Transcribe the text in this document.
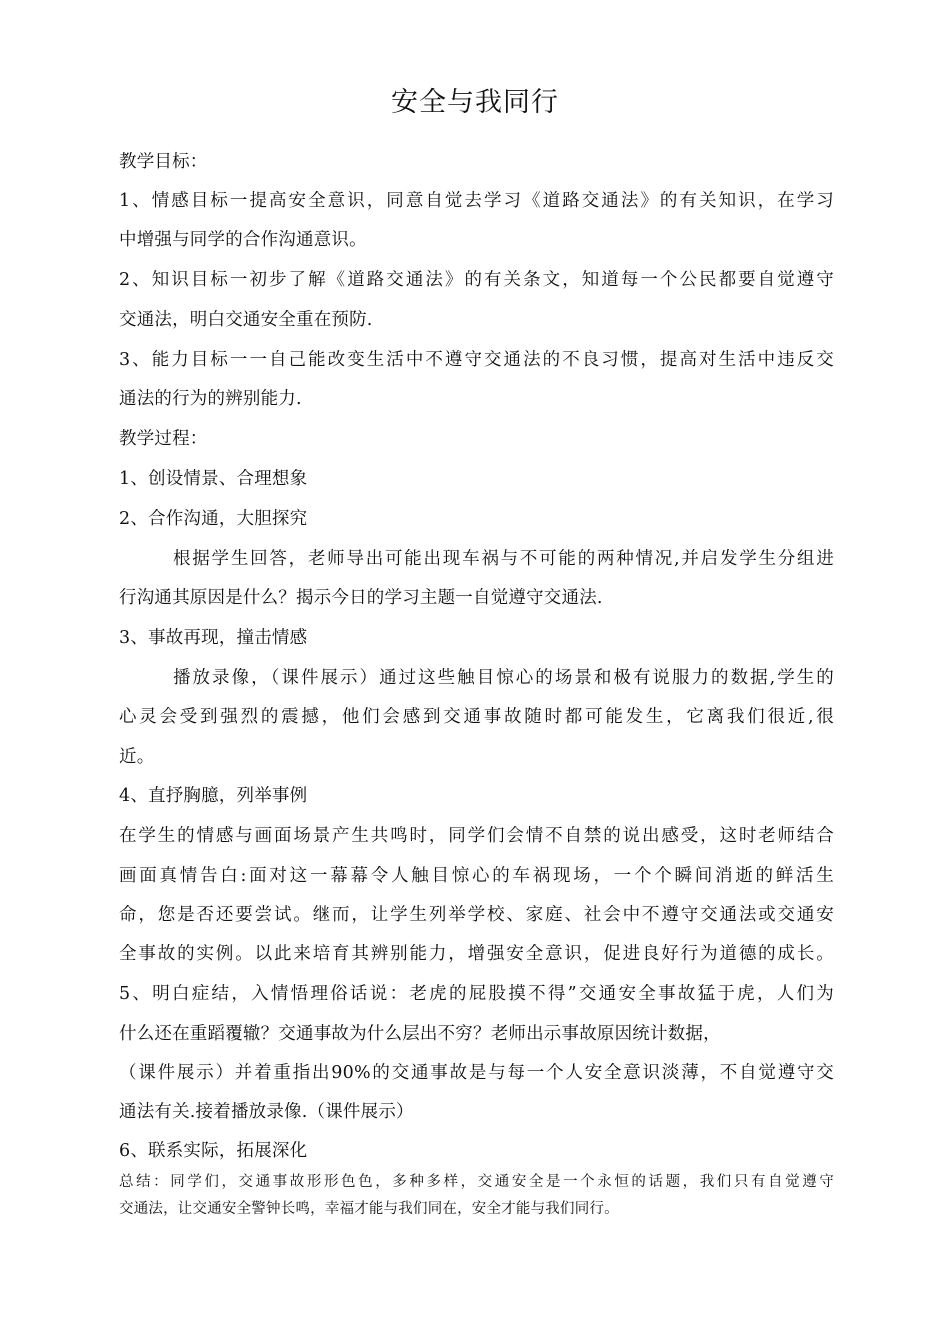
安全与我同行
教学目标：
1、情感目标一提高安全意识，同意自觉去学习《道路交通法》的有关知识，在学习
中增强与同学的合作沟通意识。
2、知识目标一初步了解《道路交通法》的有关条文，知道每一个公民都要自觉遵守
交通法，明白交通安全重在预防.
3、能力目标一一自己能改变生活中不遵守交通法的不良习惯，提高对生活中违反交
通法的行为的辨别能力.
教学过程：
1、创设情景、合理想象
2、合作沟通，大胆探究
根据学生回答，老师导出可能出现车祸与不可能的两种情况,并启发学生分组进
行沟通其原因是什么？揭示今日的学习主题一自觉遵守交通法.
3、事故再现，撞击情感
播放录像，（课件展示）通过这些触目惊心的场景和极有说服力的数据,学生的
心灵会受到强烈的震撼，他们会感到交通事故随时都可能发生，它离我们很近,很
近。
4、直抒胸臆，列举事例
在学生的情感与画面场景产生共鸣时，同学们会情不自禁的说出感受，这时老师结合
画面真情告白:面对这一幕幕令人触目惊心的车祸现场，一个个瞬间消逝的鲜活生
命，您是否还要尝试。继而，让学生列举学校、家庭、社会中不遵守交通法或交通安
全事故的实例。以此来培育其辨别能力，增强安全意识，促进良好行为道德的成长。
5、明白症结，入情悟理俗话说：老虎的屁股摸不得”交通安全事故猛于虎，人们为
什么还在重蹈覆辙？交通事故为什么层出不穷？老师出示事故原因统计数据，
（课件展示）并着重指出90%的交通事故是与每一个人安全意识淡薄，不自觉遵守交
通法有关.接着播放录像.（课件展示）
6、联系实际，拓展深化
总结：同学们，交通事故形形色色，多种多样，交通安全是一个永恒的话题，我们只有自觉遵守
交通法，让交通安全警钟长鸣，幸福才能与我们同在，安全才能与我们同行。
